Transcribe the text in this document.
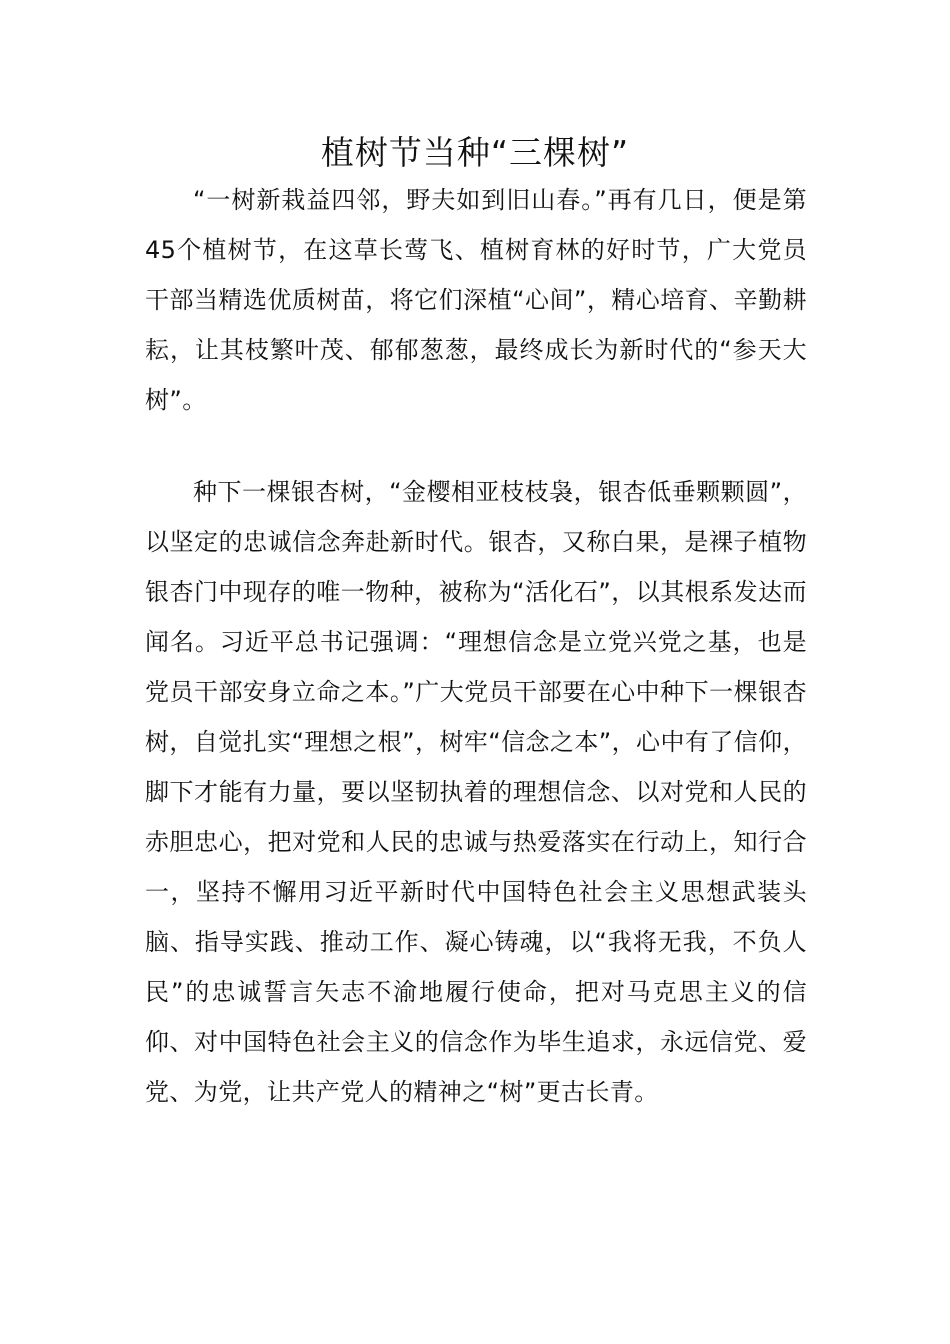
植树节当种“三棵树”

“一树新栽益四邻，野夫如到旧山春。”再有几日，便是第45个植树节，在这草长莺飞、植树育林的好时节，广大党员干部当精选优质树苗，将它们深植“心间”，精心培育、辛勤耕耘，让其枝繁叶茂、郁郁葱葱，最终成长为新时代的“参天大树”。

种下一棵银杏树，“金樱相亚枝枝袅，银杏低垂颗颗圆”，以坚定的忠诚信念奔赴新时代。银杏，又称白果，是裸子植物银杏门中现存的唯一物种，被称为“活化石”，以其根系发达而闻名。习近平总书记强调：“理想信念是立党兴党之基，也是党员干部安身立命之本。”广大党员干部要在心中种下一棵银杏树，自觉扎实“理想之根”，树牢“信念之本”，心中有了信仰，脚下才能有力量，要以坚韧执着的理想信念、以对党和人民的赤胆忠心，把对党和人民的忠诚与热爱落实在行动上，知行合一，坚持不懈用习近平新时代中国特色社会主义思想武装头脑、指导实践、推动工作、凝心铸魂，以“我将无我，不负人民”的忠诚誓言矢志不渝地履行使命，把对马克思主义的信仰、对中国特色社会主义的信念作为毕生追求，永远信党、爱党、为党，让共产党人的精神之“树”更古长青。
